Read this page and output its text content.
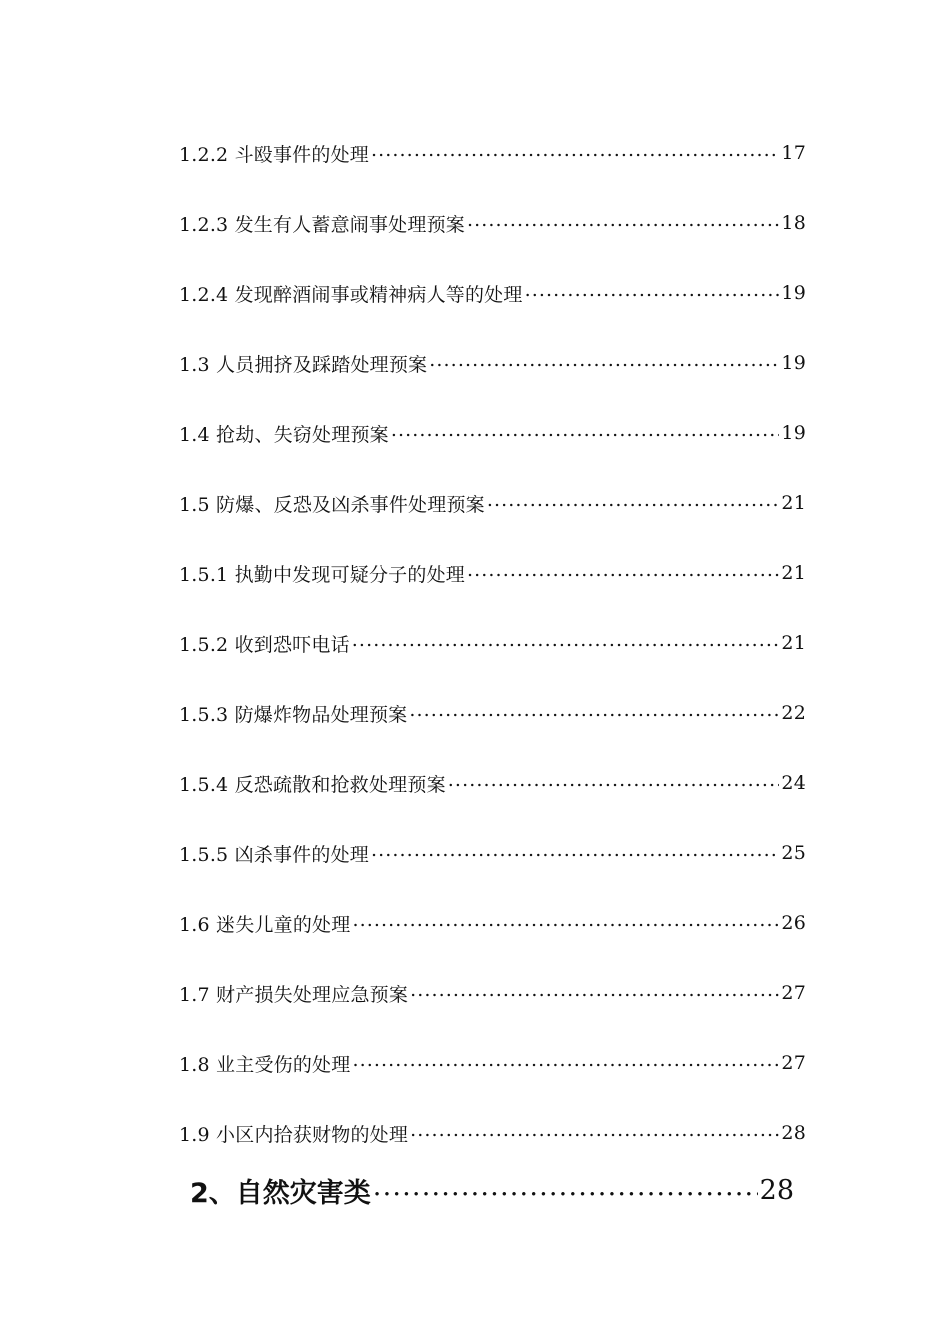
1.2.2 斗殴事件的处理 .....	17
1.2.3 发生有人蓄意闹事处理预案 .....	18
1.2.4 发现醉酒闹事或精神病人等的处理 .....	19
1.3 人员拥挤及踩踏处理预案 .....	19
1.4 抢劫、失窃处理预案 .....	19
1.5 防爆、反恐及凶杀事件处理预案 .....	21
1.5.1 执勤中发现可疑分子的处理 .....	21
1.5.2 收到恐吓电话 .....	21
1.5.3 防爆炸物品处理预案 .....	22
1.5.4 反恐疏散和抢救处理预案 .....	24
1.5.5 凶杀事件的处理 .....	25
1.6 迷失儿童的处理 .....	26
1.7 财产损失处理应急预案 .....	27
1.8 业主受伤的处理 .....	27
1.9 小区内拾获财物的处理 .....	28
2、自然灾害类 .....	28
